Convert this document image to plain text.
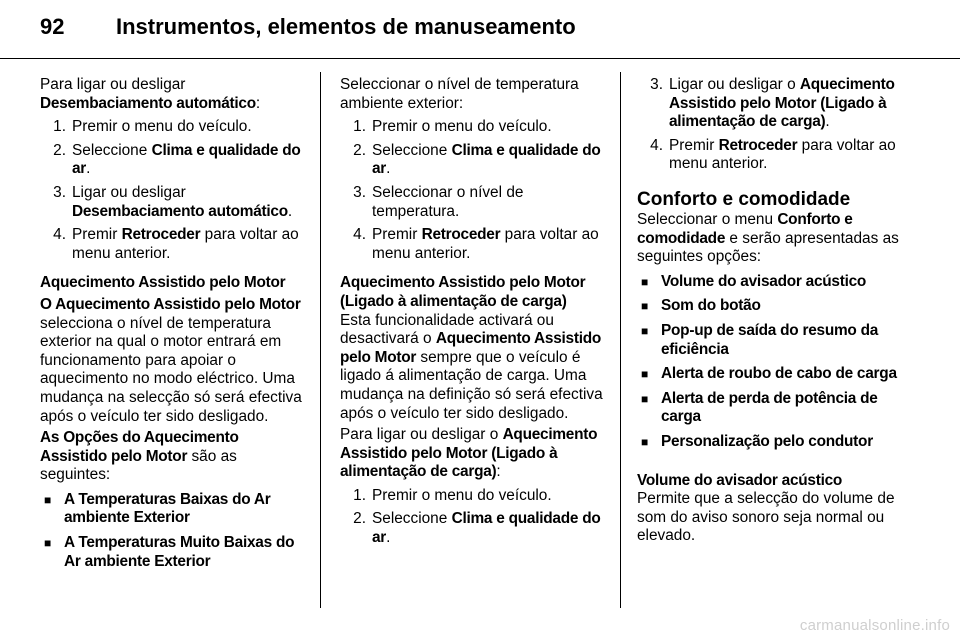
92 Instrumentos, elementos de manuseamento

Para ligar ou desligar
Desembaciamento automático:

1. Premir o menu do veículo.
2. Seleccione Clima e qualidade do ar.
3. Ligar ou desligar Desembaciamento automático.
4. Premir Retroceder para voltar ao menu anterior.

Aquecimento Assistido pelo Motor

O Aquecimento Assistido pelo Motor selecciona o nível de temperatura exterior na qual o motor entrará em funcionamento para apoiar o aquecimento no modo eléctrico. Uma mudança na selecção só será efectiva após o veículo ter sido desligado.

As Opções do Aquecimento Assistido pelo Motor são as seguintes:

■ A Temperaturas Baixas do Ar ambiente Exterior
■ A Temperaturas Muito Baixas do Ar ambiente Exterior

Seleccionar o nível de temperatura ambiente exterior:

1. Premir o menu do veículo.
2. Seleccione Clima e qualidade do ar.
3. Seleccionar o nível de temperatura.
4. Premir Retroceder para voltar ao menu anterior.

Aquecimento Assistido pelo Motor (Ligado à alimentação de carga)

Esta funcionalidade activará ou desactivará o Aquecimento Assistido pelo Motor sempre que o veículo é ligado á alimentação de carga. Uma mudança na definição só será efectiva após o veículo ter sido desligado.

Para ligar ou desligar o Aquecimento Assistido pelo Motor (Ligado à alimentação de carga):

1. Premir o menu do veículo.
2. Seleccione Clima e qualidade do ar.
3. Ligar ou desligar o Aquecimento Assistido pelo Motor (Ligado à alimentação de carga).
4. Premir Retroceder para voltar ao menu anterior.
Conforto e comodidade

Seleccionar o menu Conforto e comodidade e serão apresentadas as seguintes opções:

■ Volume do avisador acústico
■ Som do botão
■ Pop-up de saída do resumo da eficiência
■ Alerta de roubo de cabo de carga
■ Alerta de perda de potência de carga
■ Personalização pelo condutor

Volume do avisador acústico

Permite que a selecção do volume de som do aviso sonoro seja normal ou elevado.

carmanualsonline.info
